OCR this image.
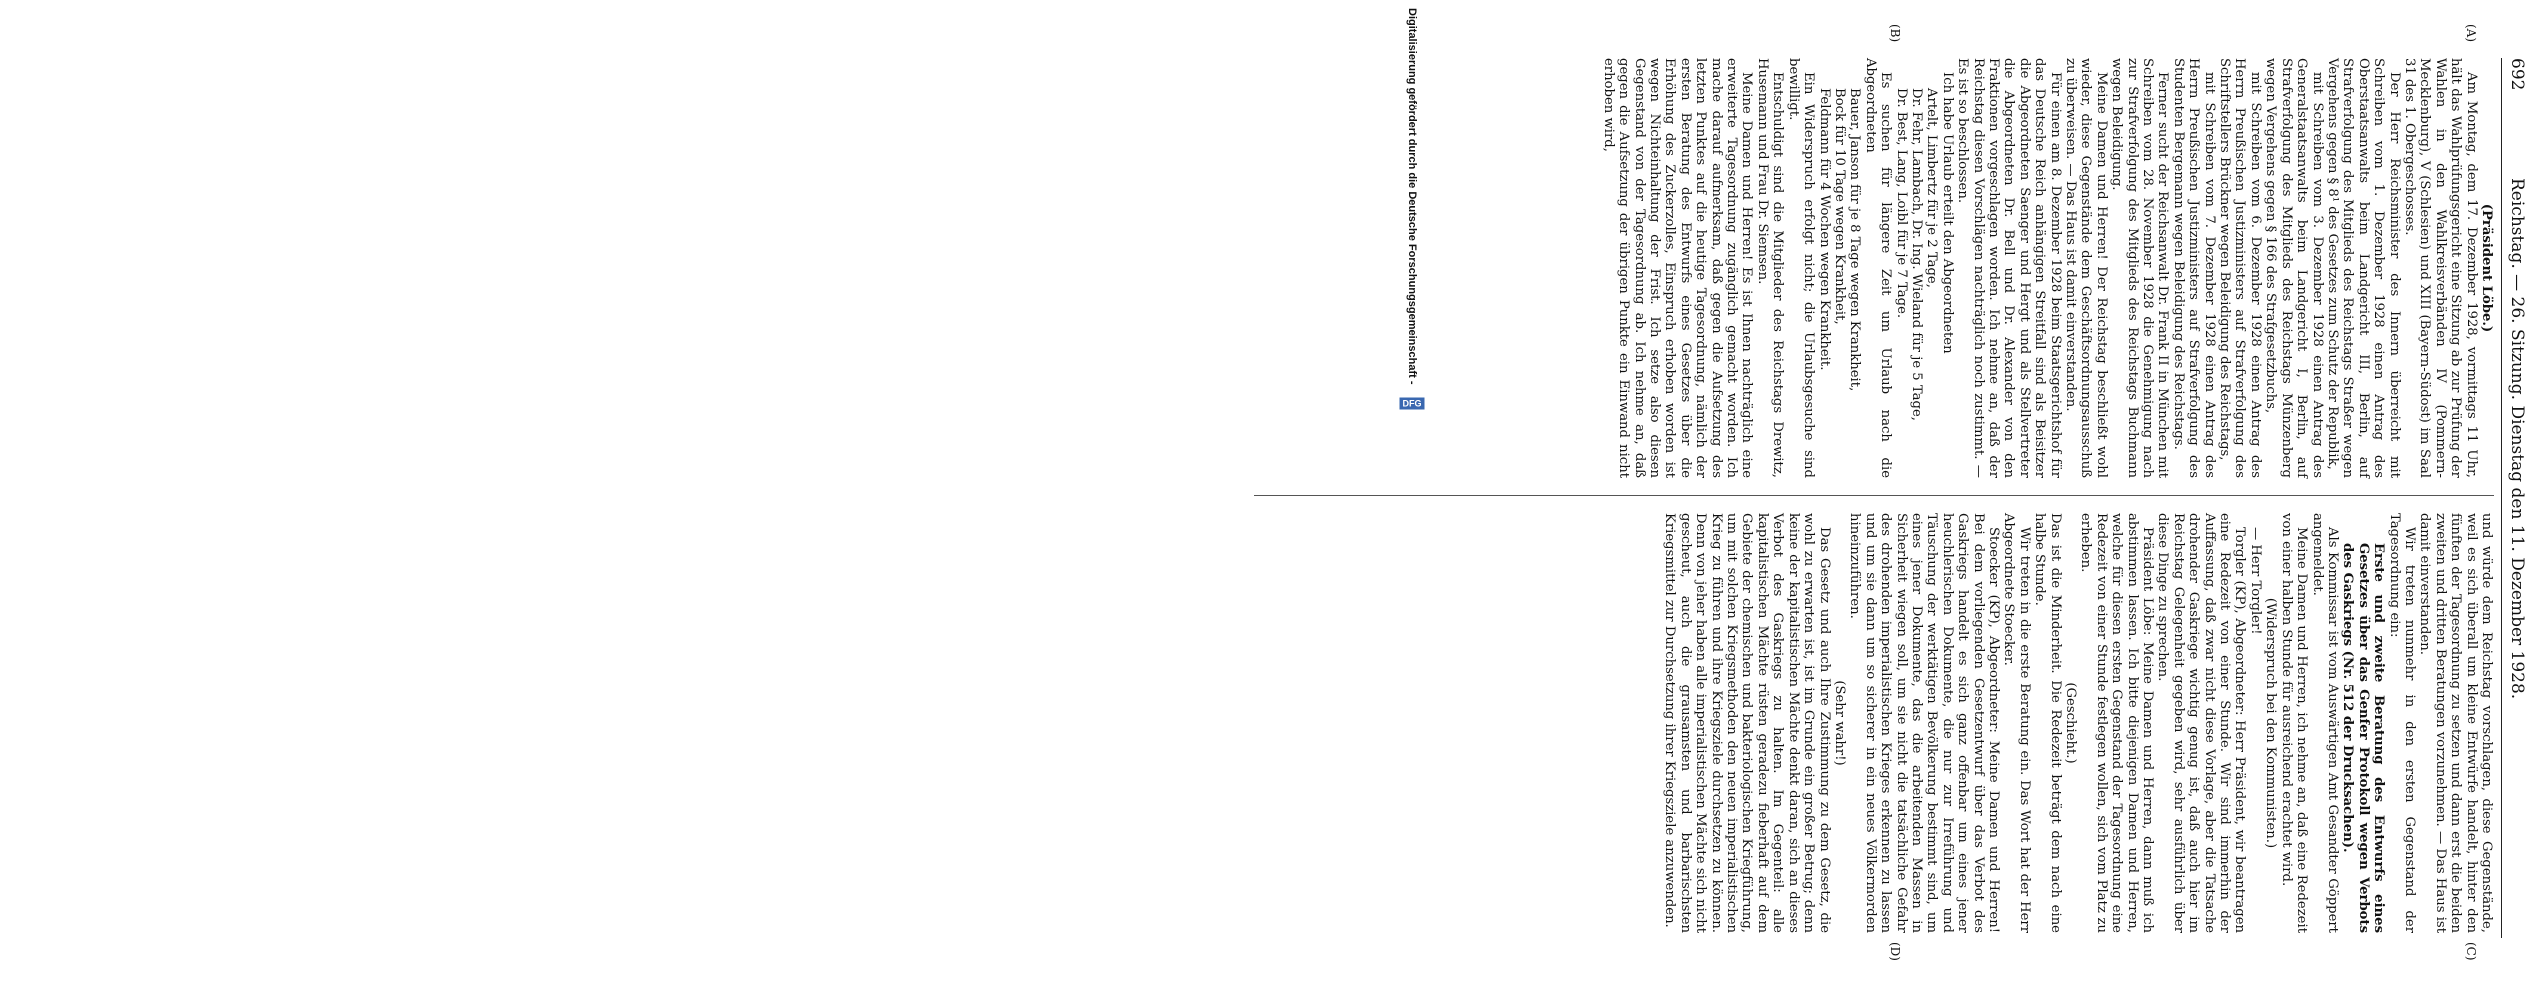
692
Reichstag. — 26. Sitzung. Dienstag den 11. Dezember 1928.
(A)
(B)
(C)
(D)

(Präsident Löbe.)

Am Montag, dem 17. Dezember 1928, vormittags 11 Uhr, hält das Wahlprüfungsgericht eine Sitzung ab zur Prüfung der Wahlen in den Wahlkreisverbänden IV (Pommern-Mecklenburg), V (Schlesien) und XIII (Bayern-Südost) im Saal 31 des 1. Obergeschosses.

Der Herr Reichsminister des Innern überreicht mit Schreiben vom 1. Dezember 1928 einen Antrag des Oberstaatsanwalts beim Landgericht III, Berlin, auf Strafverfolgung des Mitglieds des Reichstags Straßer wegen Vergehens gegen § 8¹ des Gesetzes zum Schutz der Republik,

mit Schreiben vom 3. Dezember 1928 einen Antrag des Generalstaatsanwalts beim Landgericht I, Berlin, auf Strafverfolgung des Mitglieds des Reichstags Münzenberg wegen Vergehens gegen § 166 des Strafgesetzbuchs,

mit Schreiben vom 6. Dezember 1928 einen Antrag des Herrn Preußischen Justizministers auf Strafverfolgung des Schriftstellers Brückner wegen Beleidigung des Reichstags,

mit Schreiben vom 7. Dezember 1928 einen Antrag des Herrn Preußischen Justizministers auf Strafverfolgung des Studenten Bergemann wegen Beleidigung des Reichstags.

Ferner sucht der Reichsanwalt Dr. Frank II in München mit Schreiben vom 28. November 1928 die Genehmigung nach zur Strafverfolgung des Mitglieds des Reichstags Buchmann wegen Beleidigung.

Meine Damen und Herren! Der Reichstag beschließt wohl wieder, diese Gegenstände dem Geschäftsordnungsausschuß zu überweisen. — Das Haus ist damit einverstanden.

Für einen am 8. Dezember 1928 beim Staatsgerichtshof für das Deutsche Reich anhängigen Streitfall sind als Beisitzer die Abgeordneten Saenger und Hergt und als Stellvertreter die Abgeordneten Dr. Bell und Dr. Alexander von den Fraktionen vorgeschlagen worden. Ich nehme an, daß der Reichstag diesen Vorschlägen nachträglich noch zustimmt. — Es ist so beschlossen.

Ich habe Urlaub erteilt den Abgeordneten

Artelt, Limbertz für je 2 Tage,

Dr. Fehr, Lambach, Dr. Ing. Wieland für je 5 Tage,

Dr. Best, Lang, Loibl für je 7 Tage.

Es suchen für längere Zeit um Urlaub nach die Abgeordneten

Bauer, Janson für je 8 Tage wegen Krankheit,

Bock für 10 Tage wegen Krankheit,

Feldmann für 4 Wochen wegen Krankheit.

Ein Widerspruch erfolgt nicht; die Urlaubsgesuche sind bewilligt.

Entschuldigt sind die Mitglieder des Reichstags Drewitz, Husemann und Frau Dr. Siemsen.

Meine Damen und Herren! Es ist Ihnen nachträglich eine erweiterte Tagesordnung zugänglich gemacht worden. Ich mache darauf aufmerksam, daß gegen die Aufsetzung des letzten Punktes auf die heutige Tagesordnung, nämlich der ersten Beratung des Entwurfs eines Gesetzes über die Erhöhung des Zuckerzolles, Einspruch erhoben worden ist wegen Nichteinhaltung der Frist. Ich setze also diesen Gegenstand von der Tagesordnung ab. Ich nehme an, daß gegen die Aufsetzung der übrigen Punkte ein Einwand nicht erhoben wird,

und würde dem Reichstag vorschlagen, diese Gegenstände, weil es sich überall um kleine Entwürfe handelt, hinter den fünften der Tagesordnung zu setzen und dann erst die beiden zweiten und dritten Beratungen vorzunehmen. — Das Haus ist damit einverstanden.

Wir treten nunmehr in den ersten Gegenstand der Tagesordnung ein:

Erste und zweite Beratung des Entwurfs eines Gesetzes über das Genfer Protokoll wegen Verbots des Gaskriegs (Nr. 512 der Drucksachen).

Als Kommissar ist vom Auswärtigen Amt Gesandter Göppert angemeldet.

Meine Damen und Herren, ich nehme an, daß eine Redezeit von einer halben Stunde für ausreichend erachtet wird.

(Widerspruch bei den Kommunisten.)

— Herr Torgler!

Torgler (KP), Abgeordneter: Herr Präsident, wir beantragen eine Redezeit von einer Stunde. Wir sind immerhin der Auffassung, daß zwar nicht diese Vorlage, aber die Tatsache drohender Gaskriege wichtig genug ist, daß auch hier im Reichstag Gelegenheit gegeben wird, sehr ausführlich über diese Dinge zu sprechen.

Präsident Löbe: Meine Damen und Herren, dann muß ich abstimmen lassen. Ich bitte diejenigen Damen und Herren, welche für diesen ersten Gegenstand der Tagesordnung eine Redezeit von einer Stunde festlegen wollen, sich vom Platz zu erheben.

(Geschieht.)

Das ist die Minderheit. Die Redezeit beträgt dem nach eine halbe Stunde.

Wir treten in die erste Beratung ein. Das Wort hat der Herr Abgeordnete Stoecker.

Stoecker (KP), Abgeordneter: Meine Damen und Herren! Bei dem vorliegenden Gesetzentwurf über das Verbot des Gaskriegs handelt es sich ganz offenbar um eines jener heuchlerischen Dokumente, die nur zur Irreführung und Täuschung der werktätigen Bevölkerung bestimmt sind, um eines jener Dokumente, das die arbeitenden Massen in Sicherheit wiegen soll, um sie nicht die tatsächliche Gefahr des drohenden imperialistischen Krieges erkennen zu lassen und um sie dann um so sicherer in ein neues Völkermorden hineinzuführen.

(Sehr wahr!)

Das Gesetz und auch Ihre Zustimmung zu dem Gesetz, die wohl zu erwarten ist, ist im Grunde ein großer Betrug; denn keine der kapitalistischen Mächte denkt daran, sich an dieses Verbot des Gaskriegs zu halten. Im Gegenteil: alle kapitalistischen Mächte rüsten geradezu fieberhaft auf dem Gebiete der chemischen und bakteriologischen Kriegführung, um mit solchen Kriegsmethoden den neuen imperialistischen Krieg zu führen und ihre Kriegsziele durchsetzen zu können. Denn von jeher haben alle imperialistischen Mächte sich nicht gescheut, auch die grausamsten und barbarischsten Kriegsmittel zur Durchsetzung ihrer Kriegsziele anzuwenden.

Digitalisierung gefördert durch die Deutsche Forschungsgemeinschaft -
DFG
